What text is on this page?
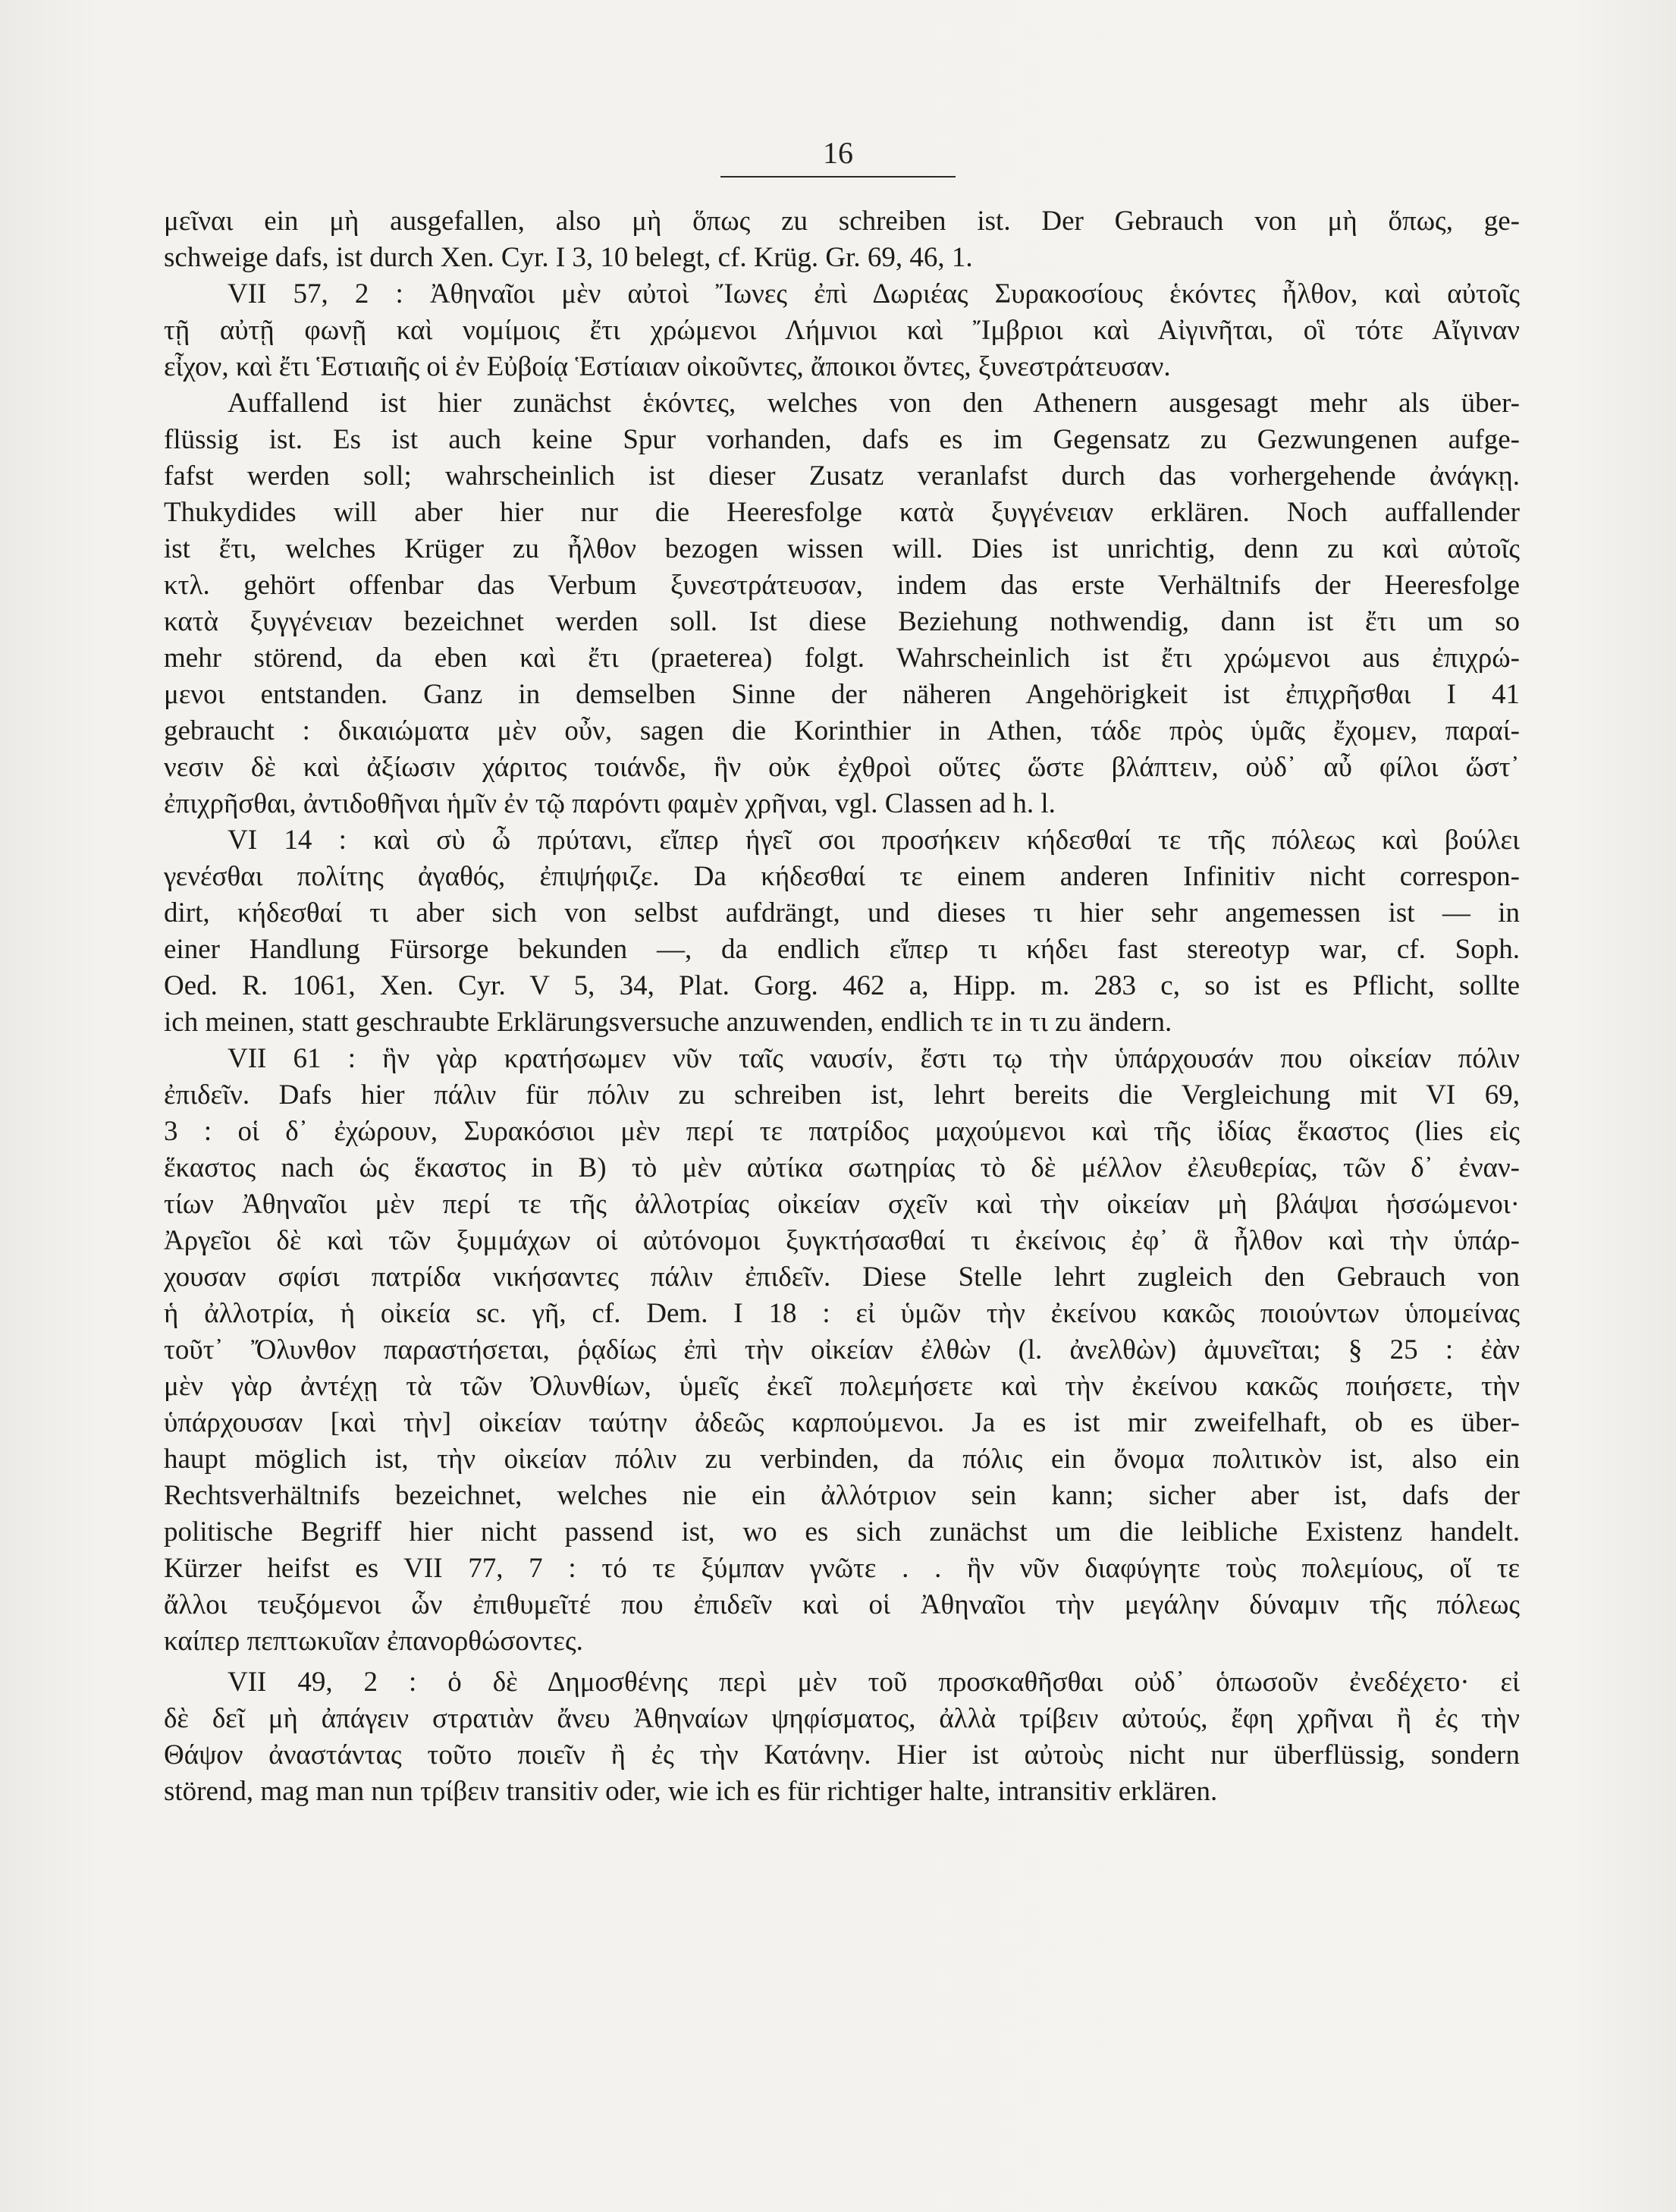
16
μεῖναι ein μὴ ausgefallen, also μὴ ὅπως zu schreiben ist. Der Gebrauch von μὴ ὅπως, ge-
schweige dafs, ist durch Xen. Cyr. I 3, 10 belegt, cf. Krüg. Gr. 69, 46, 1.
VII 57, 2 : Ἀθηναῖοι μὲν αὐτοὶ Ἴωνες ἐπὶ Δωριέας Συρακοσίους ἑκόντες ἦλθον, καὶ αὐτοῖς
τῇ αὐτῇ φωνῇ καὶ νομίμοις ἔτι χρώμενοι Λήμνιοι καὶ Ἴμβριοι καὶ Αἰγινῆται, οἳ τότε Αἴγιναν
εἶχον, καὶ ἔτι Ἑστιαιῆς οἱ ἐν Εὐβοίᾳ Ἑστίαιαν οἰκοῦντες, ἄποικοι ὄντες, ξυνεστράτευσαν.
Auffallend ist hier zunächst ἑκόντες, welches von den Athenern ausgesagt mehr als über-
flüssig ist. Es ist auch keine Spur vorhanden, dafs es im Gegensatz zu Gezwungenen aufge-
fafst werden soll; wahrscheinlich ist dieser Zusatz veranlafst durch das vorhergehende ἀνάγκῃ.
Thukydides will aber hier nur die Heeresfolge κατὰ ξυγγένειαν erklären. Noch auffallender
ist ἔτι, welches Krüger zu ἦλθον bezogen wissen will. Dies ist unrichtig, denn zu καὶ αὐτοῖς
κτλ. gehört offenbar das Verbum ξυνεστράτευσαν, indem das erste Verhältnifs der Heeresfolge
κατὰ ξυγγένειαν bezeichnet werden soll. Ist diese Beziehung nothwendig, dann ist ἔτι um so
mehr störend, da eben καὶ ἔτι (praeterea) folgt. Wahrscheinlich ist ἔτι χρώμενοι aus ἐπιχρώ-
μενοι entstanden. Ganz in demselben Sinne der näheren Angehörigkeit ist ἐπιχρῆσθαι I 41
gebraucht : δικαιώματα μὲν οὖν, sagen die Korinthier in Athen, τάδε πρὸς ὑμᾶς ἔχομεν, παραί-
νεσιν δὲ καὶ ἀξίωσιν χάριτος τοιάνδε, ἣν οὐκ ἐχθροὶ οὕτες ὥστε βλάπτειν, οὐδ᾽ αὖ φίλοι ὥστ᾽
ἐπιχρῆσθαι, ἀντιδοθῆναι ἡμῖν ἐν τῷ παρόντι φαμὲν χρῆναι, vgl. Classen ad h. l.
VI 14 : καὶ σὺ ὦ πρύτανι, εἴπερ ἡγεῖ σοι προσήκειν κήδεσθαί τε τῆς πόλεως καὶ βούλει
γενέσθαι πολίτης ἀγαθός, ἐπιψήφιζε. Da κήδεσθαί τε einem anderen Infinitiv nicht correspon-
dirt, κήδεσθαί τι aber sich von selbst aufdrängt, und dieses τι hier sehr angemessen ist — in
einer Handlung Fürsorge bekunden —, da endlich εἴπερ τι κήδει fast stereotyp war, cf. Soph.
Oed. R. 1061, Xen. Cyr. V 5, 34, Plat. Gorg. 462 a, Hipp. m. 283 c, so ist es Pflicht, sollte
ich meinen, statt geschraubte Erklärungsversuche anzuwenden, endlich τε in τι zu ändern.
VII 61 : ἣν γὰρ κρατήσωμεν νῦν ταῖς ναυσίν, ἔστι τῳ τὴν ὑπάρχουσάν που οἰκείαν πόλιν
ἐπιδεῖν. Dafs hier πάλιν für πόλιν zu schreiben ist, lehrt bereits die Vergleichung mit VI 69,
3 : οἱ δ᾽ ἐχώρουν, Συρακόσιοι μὲν περί τε πατρίδος μαχούμενοι καὶ τῆς ἰδίας ἕκαστος (lies εἰς
ἕκαστος nach ὡς ἕκαστος in B) τὸ μὲν αὐτίκα σωτηρίας τὸ δὲ μέλλον ἐλευθερίας, τῶν δ᾽ ἐναν-
τίων Ἀθηναῖοι μὲν περί τε τῆς ἀλλοτρίας οἰκείαν σχεῖν καὶ τὴν οἰκείαν μὴ βλάψαι ἡσσώμενοι·
Ἀργεῖοι δὲ καὶ τῶν ξυμμάχων οἱ αὐτόνομοι ξυγκτήσασθαί τι ἐκείνοις ἐφ᾽ ἃ ἦλθον καὶ τὴν ὑπάρ-
χουσαν σφίσι πατρίδα νικήσαντες πάλιν ἐπιδεῖν. Diese Stelle lehrt zugleich den Gebrauch von
ἡ ἀλλοτρία, ἡ οἰκεία sc. γῆ, cf. Dem. I 18 : εἰ ὑμῶν τὴν ἐκείνου κακῶς ποιούντων ὑπομείνας
τοῦτ᾽ Ὄλυνθον παραστήσεται, ῥᾳδίως ἐπὶ τὴν οἰκείαν ἐλθὼν (l. ἀνελθὼν) ἀμυνεῖται; § 25 : ἐὰν
μὲν γὰρ ἀντέχῃ τὰ τῶν Ὀλυνθίων, ὑμεῖς ἐκεῖ πολεμήσετε καὶ τὴν ἐκείνου κακῶς ποιήσετε, τὴν
ὑπάρχουσαν [καὶ τὴν] οἰκείαν ταύτην ἀδεῶς καρπούμενοι. Ja es ist mir zweifelhaft, ob es über-
haupt möglich ist, τὴν οἰκείαν πόλιν zu verbinden, da πόλις ein ὄνομα πολιτικὸν ist, also ein
Rechtsverhältnifs bezeichnet, welches nie ein ἀλλότριον sein kann; sicher aber ist, dafs der
politische Begriff hier nicht passend ist, wo es sich zunächst um die leibliche Existenz handelt.
Kürzer heifst es VII 77, 7 : τό τε ξύμπαν γνῶτε . . ἣν νῦν διαφύγητε τοὺς πολεμίους, οἵ τε
ἄλλοι τευξόμενοι ὧν ἐπιθυμεῖτέ που ἐπιδεῖν καὶ οἱ Ἀθηναῖοι τὴν μεγάλην δύναμιν τῆς πόλεως
καίπερ πεπτωκυῖαν ἐπανορθώσοντες.
VII 49, 2 : ὁ δὲ Δημοσθένης περὶ μὲν τοῦ προσκαθῆσθαι οὐδ᾽ ὁπωσοῦν ἐνεδέχετο· εἰ
δὲ δεῖ μὴ ἀπάγειν στρατιὰν ἄνευ Ἀθηναίων ψηφίσματος, ἀλλὰ τρίβειν αὐτούς, ἔφη χρῆναι ἢ ἐς τὴν
Θάψον ἀναστάντας τοῦτο ποιεῖν ἢ ἐς τὴν Κατάνην. Hier ist αὐτοὺς nicht nur überflüssig, sondern
störend, mag man nun τρίβειν transitiv oder, wie ich es für richtiger halte, intransitiv erklären.
